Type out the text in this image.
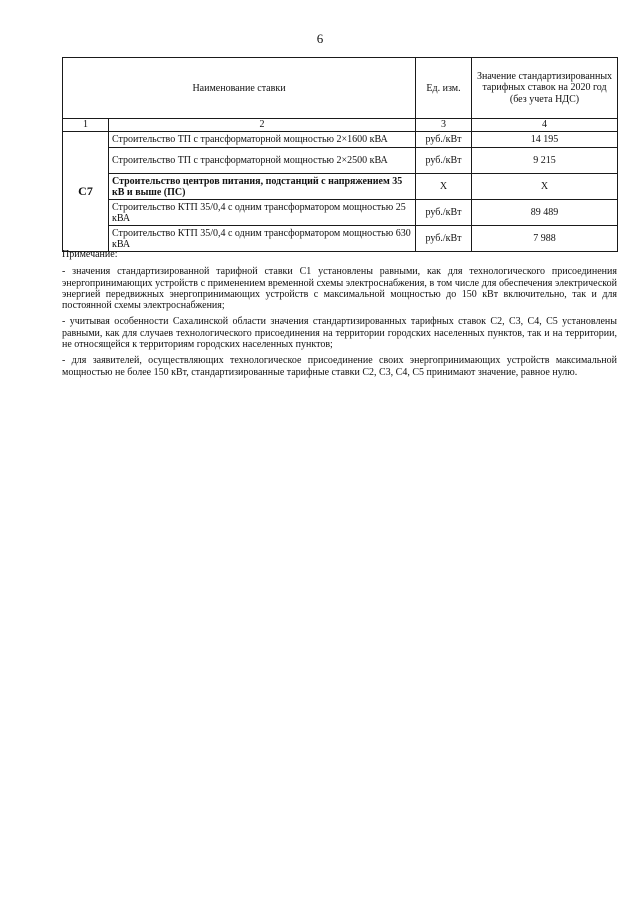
6
Наименование ставки		Ед. изм.	Значение стандартизированных тарифных ставок на 2020 год (без учета НДС)
1	2	3	4
С7	Строительство ТП с трансформаторной мощностью 2×1600 кВА	руб./кВт	14 195
	Строительство ТП с трансформаторной мощностью 2×2500 кВА	руб./кВт	9 215
	Строительство центров питания, подстанций с напряжением 35 кВ и выше (ПС)	Х	Х
	Строительство КТП 35/0,4 с одним трансформатором мощностью 25 кВА	руб./кВт	89 489
	Строительство КТП 35/0,4 с одним трансформатором мощностью 630 кВА	руб./кВт	7 988

Примечание:

- значения стандартизированной тарифной ставки С1 установлены равными, как для технологического присоединения энергопринимающих устройств с применением временной схемы электроснабжения, в том числе для обеспечения электрической энергией передвижных энергопринимающих устройств с максимальной мощностью до 150 кВт включительно, так и для постоянной схемы электроснабжения;

- учитывая особенности Сахалинской области значения стандартизированных тарифных ставок С2, С3, С4, С5 установлены равными, как для случаев технологического присоединения на территории городских населенных пунктов, так и на территории, не относящейся к территориям городских населенных пунктов;

- для заявителей, осуществляющих технологическое присоединение своих энергопринимающих устройств максимальной мощностью не более 150 кВт, стандартизированные тарифные ставки С2, С3, С4, С5 принимают значение, равное нулю.
